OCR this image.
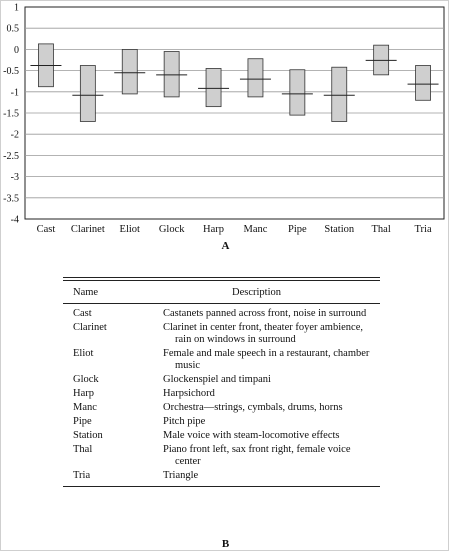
1
0.5
0
-0.5
-1
-1.5
-2
-2.5
-3
-3.5
-4
Cast Clarinet Eliot Glock Harp Manc Pipe Station Thal Tria
A
Name	Description
Cast	Castanets panned across front, noise in surround
Clarinet	Clarinet in center front, theater foyer ambience, rain on windows in surround
Eliot	Female and male speech in a restaurant, chamber music
Glock	Glockenspiel and timpani
Harp	Harpsichord
Manc	Orchestra—strings, cymbals, drums, horns
Pipe	Pitch pipe
Station	Male voice with steam-locomotive effects
Thal	Piano front left, sax front right, female voice center
Tria	Triangle
B
